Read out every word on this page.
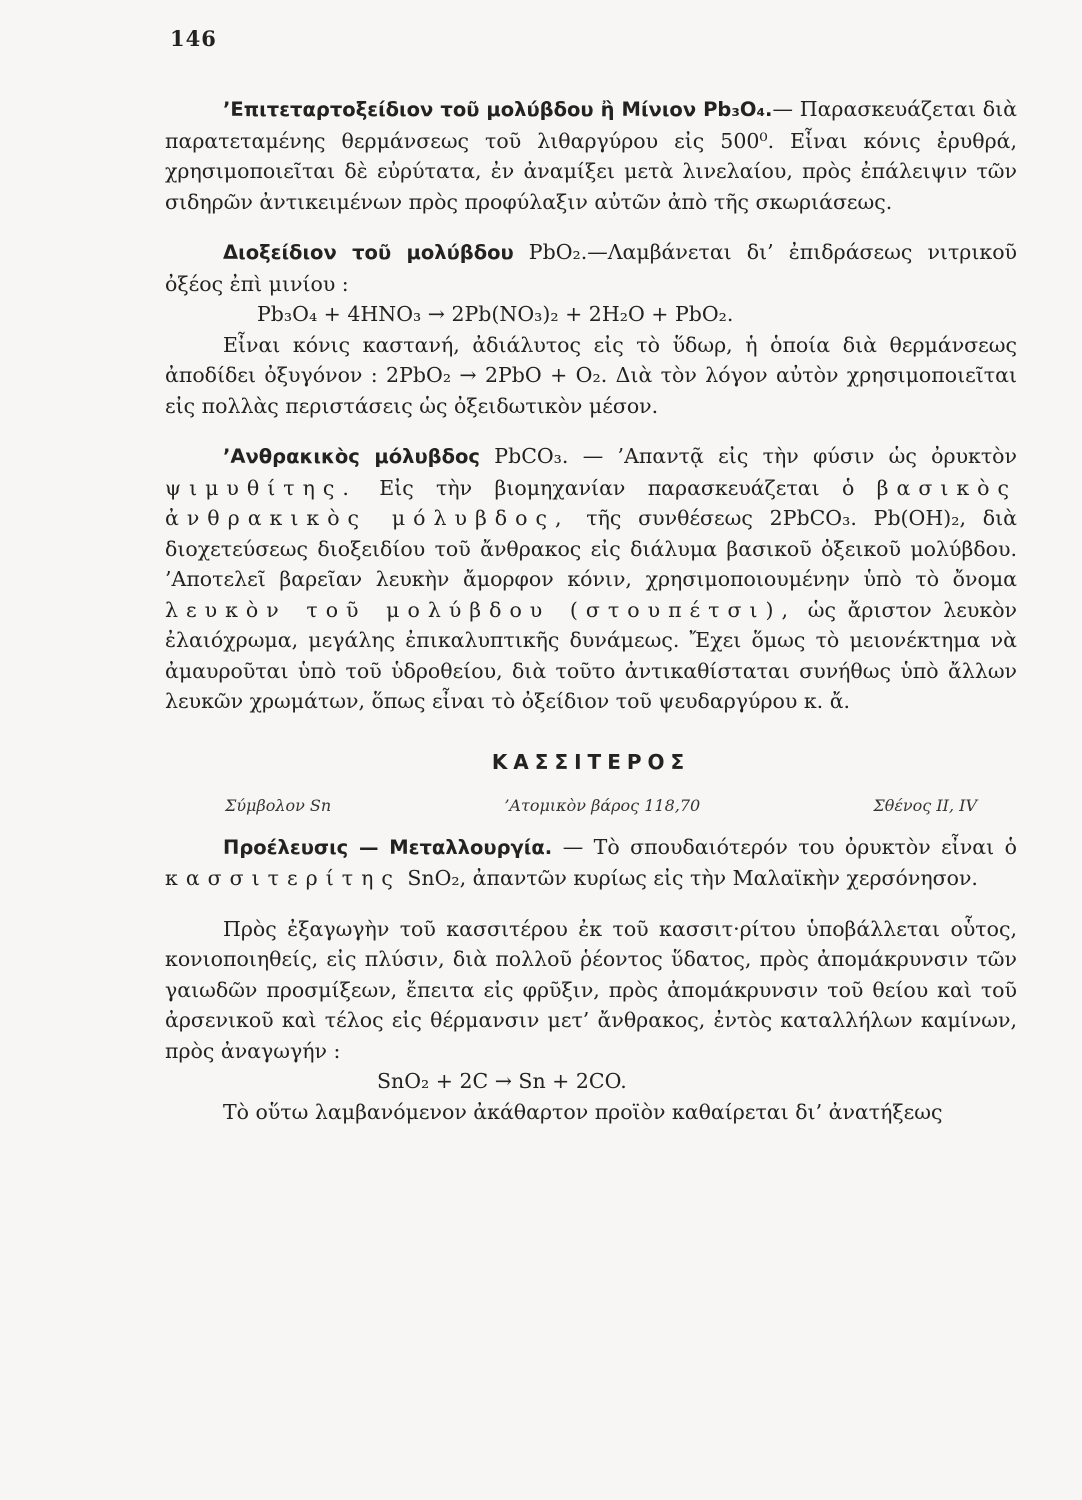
146

’Επιτεταρτοξείδιον τοῦ μολύβδου ἢ Μίνιον Pb₃O₄.— Παρασκευάζεται διὰ παρατεταμένης θερμάνσεως τοῦ λιθαργύρου εἰς 500⁰. Εἶναι κόνις ἐρυθρά, χρησιμοποιεῖται δὲ εὐρύτατα, ἐν ἀναμίξει μετὰ λινελαίου, πρὸς ἐπάλειψιν τῶν σιδηρῶν ἀντικειμένων πρὸς προφύλαξιν αὐτῶν ἀπὸ τῆς σκωριάσεως.

Διοξείδιον τοῦ μολύβδου PbO₂.—Λαμβάνεται δι’ ἐπιδράσεως νιτρικοῦ ὀξέος ἐπὶ μινίου :

Pb₃O₄ + 4HNO₃ → 2Pb(NO₃)₂ + 2H₂O + PbO₂.

Εἶναι κόνις καστανή, ἀδιάλυτος εἰς τὸ ὕδωρ, ἡ ὁποία διὰ θερμάνσεως ἀποδίδει ὀξυγόνον : 2PbO₂ → 2PbO + O₂. Διὰ τὸν λόγον αὐτὸν χρησιμοποιεῖται εἰς πολλὰς περιστάσεις ὡς ὀξειδωτικὸν μέσον.

’Ανθρακικὸς μόλυβδος PbCO₃. — ’Απαντᾷ εἰς τὴν φύσιν ὡς ὀρυκτὸν ψιμυθίτης. Εἰς τὴν βιομηχανίαν παρασκευάζεται ὁ βασικὸς ἀνθρακικὸς μόλυβδος, τῆς συνθέσεως 2PbCO₃. Pb(OH)₂, διὰ διοχετεύσεως διοξειδίου τοῦ ἄνθρακος εἰς διάλυμα βασικοῦ ὀξεικοῦ μολύβδου. ’Αποτελεῖ βαρεῖαν λευκὴν ἄμορφον κόνιν, χρησιμοποιουμένην ὑπὸ τὸ ὄνομα λευκὸν τοῦ μολύβδου (στουπέτσι), ὡς ἄριστον λευκὸν ἐλαιόχρωμα, μεγάλης ἐπικαλυπτικῆς δυνάμεως. Ἔχει ὅμως τὸ μειονέκτημα νὰ ἀμαυροῦται ὑπὸ τοῦ ὑδροθείου, διὰ τοῦτο ἀντικαθίσταται συνήθως ὑπὸ ἄλλων λευκῶν χρωμάτων, ὅπως εἶναι τὸ ὀξείδιον τοῦ ψευδαργύρου κ. ἄ.

ΚΑΣΣΙΤΕΡΟΣ

Σύμβολον Sn	’Ατομικὸν βάρος 118,70	Σθένος II, IV

Προέλευσις — Μεταλλουργία. — Τὸ σπουδαιότερόν του ὀρυκτὸν εἶναι ὁ κασσιτερίτης SnO₂, ἀπαντῶν κυρίως εἰς τὴν Μαλαϊκὴν χερσόνησον.

Πρὸς ἐξαγωγὴν τοῦ κασσιτέρου ἐκ τοῦ κασσιτ·ρίτου ὑποβάλλεται οὗτος, κονιοποιηθείς, εἰς πλύσιν, διὰ πολλοῦ ῥέοντος ὕδατος, πρὸς ἀπομάκρυνσιν τῶν γαιωδῶν προσμίξεων, ἔπειτα εἰς φρῦξιν, πρὸς ἀπομάκρυνσιν τοῦ θείου καὶ τοῦ ἀρσενικοῦ καὶ τέλος εἰς θέρμανσιν μετ’ ἄνθρακος, ἐντὸς καταλλήλων καμίνων, πρὸς ἀναγωγήν :

SnO₂ + 2C → Sn + 2CO.

Τὸ οὕτω λαμβανόμενον ἀκάθαρτον προϊὸν καθαίρεται δι’ ἀνατήξεως
